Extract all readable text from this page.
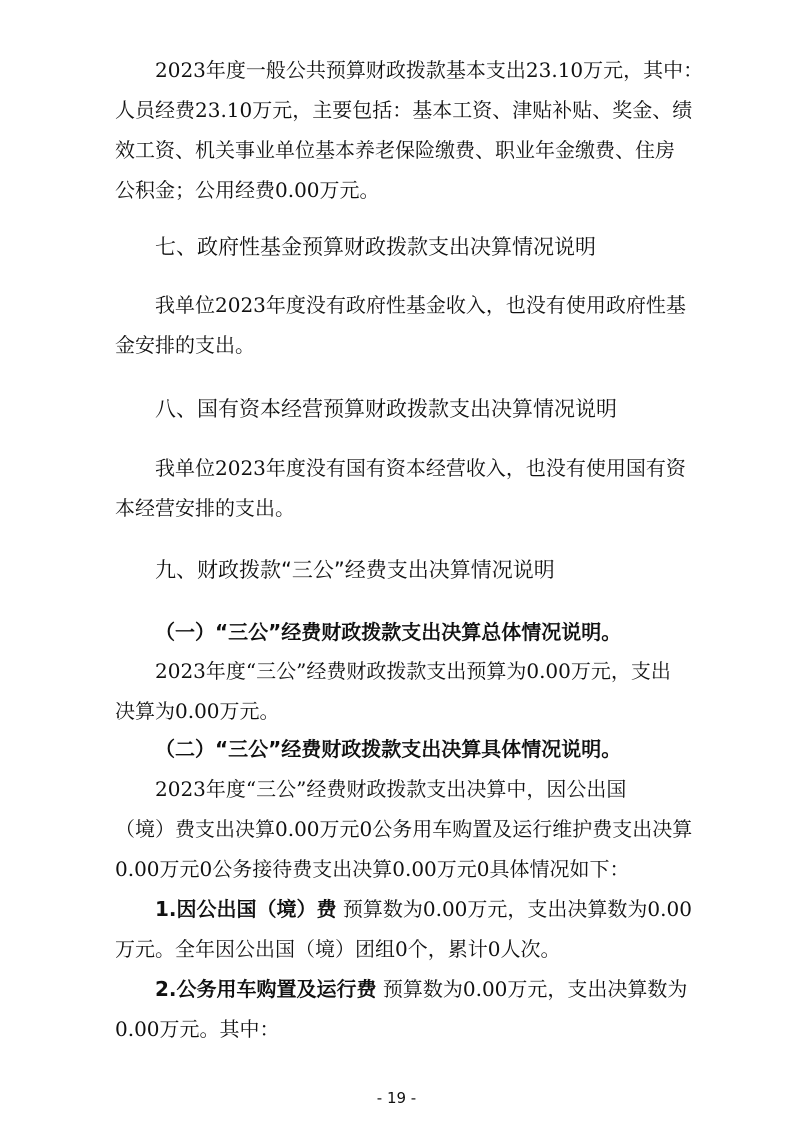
2023年度一般公共预算财政拨款基本支出23.10万元，其中：
人员经费23.10万元，主要包括：基本工资、津贴补贴、奖金、绩
效工资、机关事业单位基本养老保险缴费、职业年金缴费、住房
公积金；公用经费0.00万元。
七、政府性基金预算财政拨款支出决算情况说明
我单位2023年度没有政府性基金收入，也没有使用政府性基
金安排的支出。
八、国有资本经营预算财政拨款支出决算情况说明
我单位2023年度没有国有资本经营收入，也没有使用国有资
本经营安排的支出。
九、财政拨款“三公”经费支出决算情况说明
（一）“三公”经费财政拨款支出决算总体情况说明。
2023年度“三公”经费财政拨款支出预算为0.00万元，支出
决算为0.00万元。
（二）“三公”经费财政拨款支出决算具体情况说明。
2023年度“三公”经费财政拨款支出决算中，因公出国
（境）费支出决算0.00万元0公务用车购置及运行维护费支出决算
0.00万元0公务接待费支出决算0.00万元0具体情况如下：
1.因公出国（境）费 预算数为0.00万元，支出决算数为0.00
万元。全年因公出国（境）团组0个，累计0人次。
2.公务用车购置及运行费 预算数为0.00万元，支出决算数为
0.00万元。其中：
- 19 -
